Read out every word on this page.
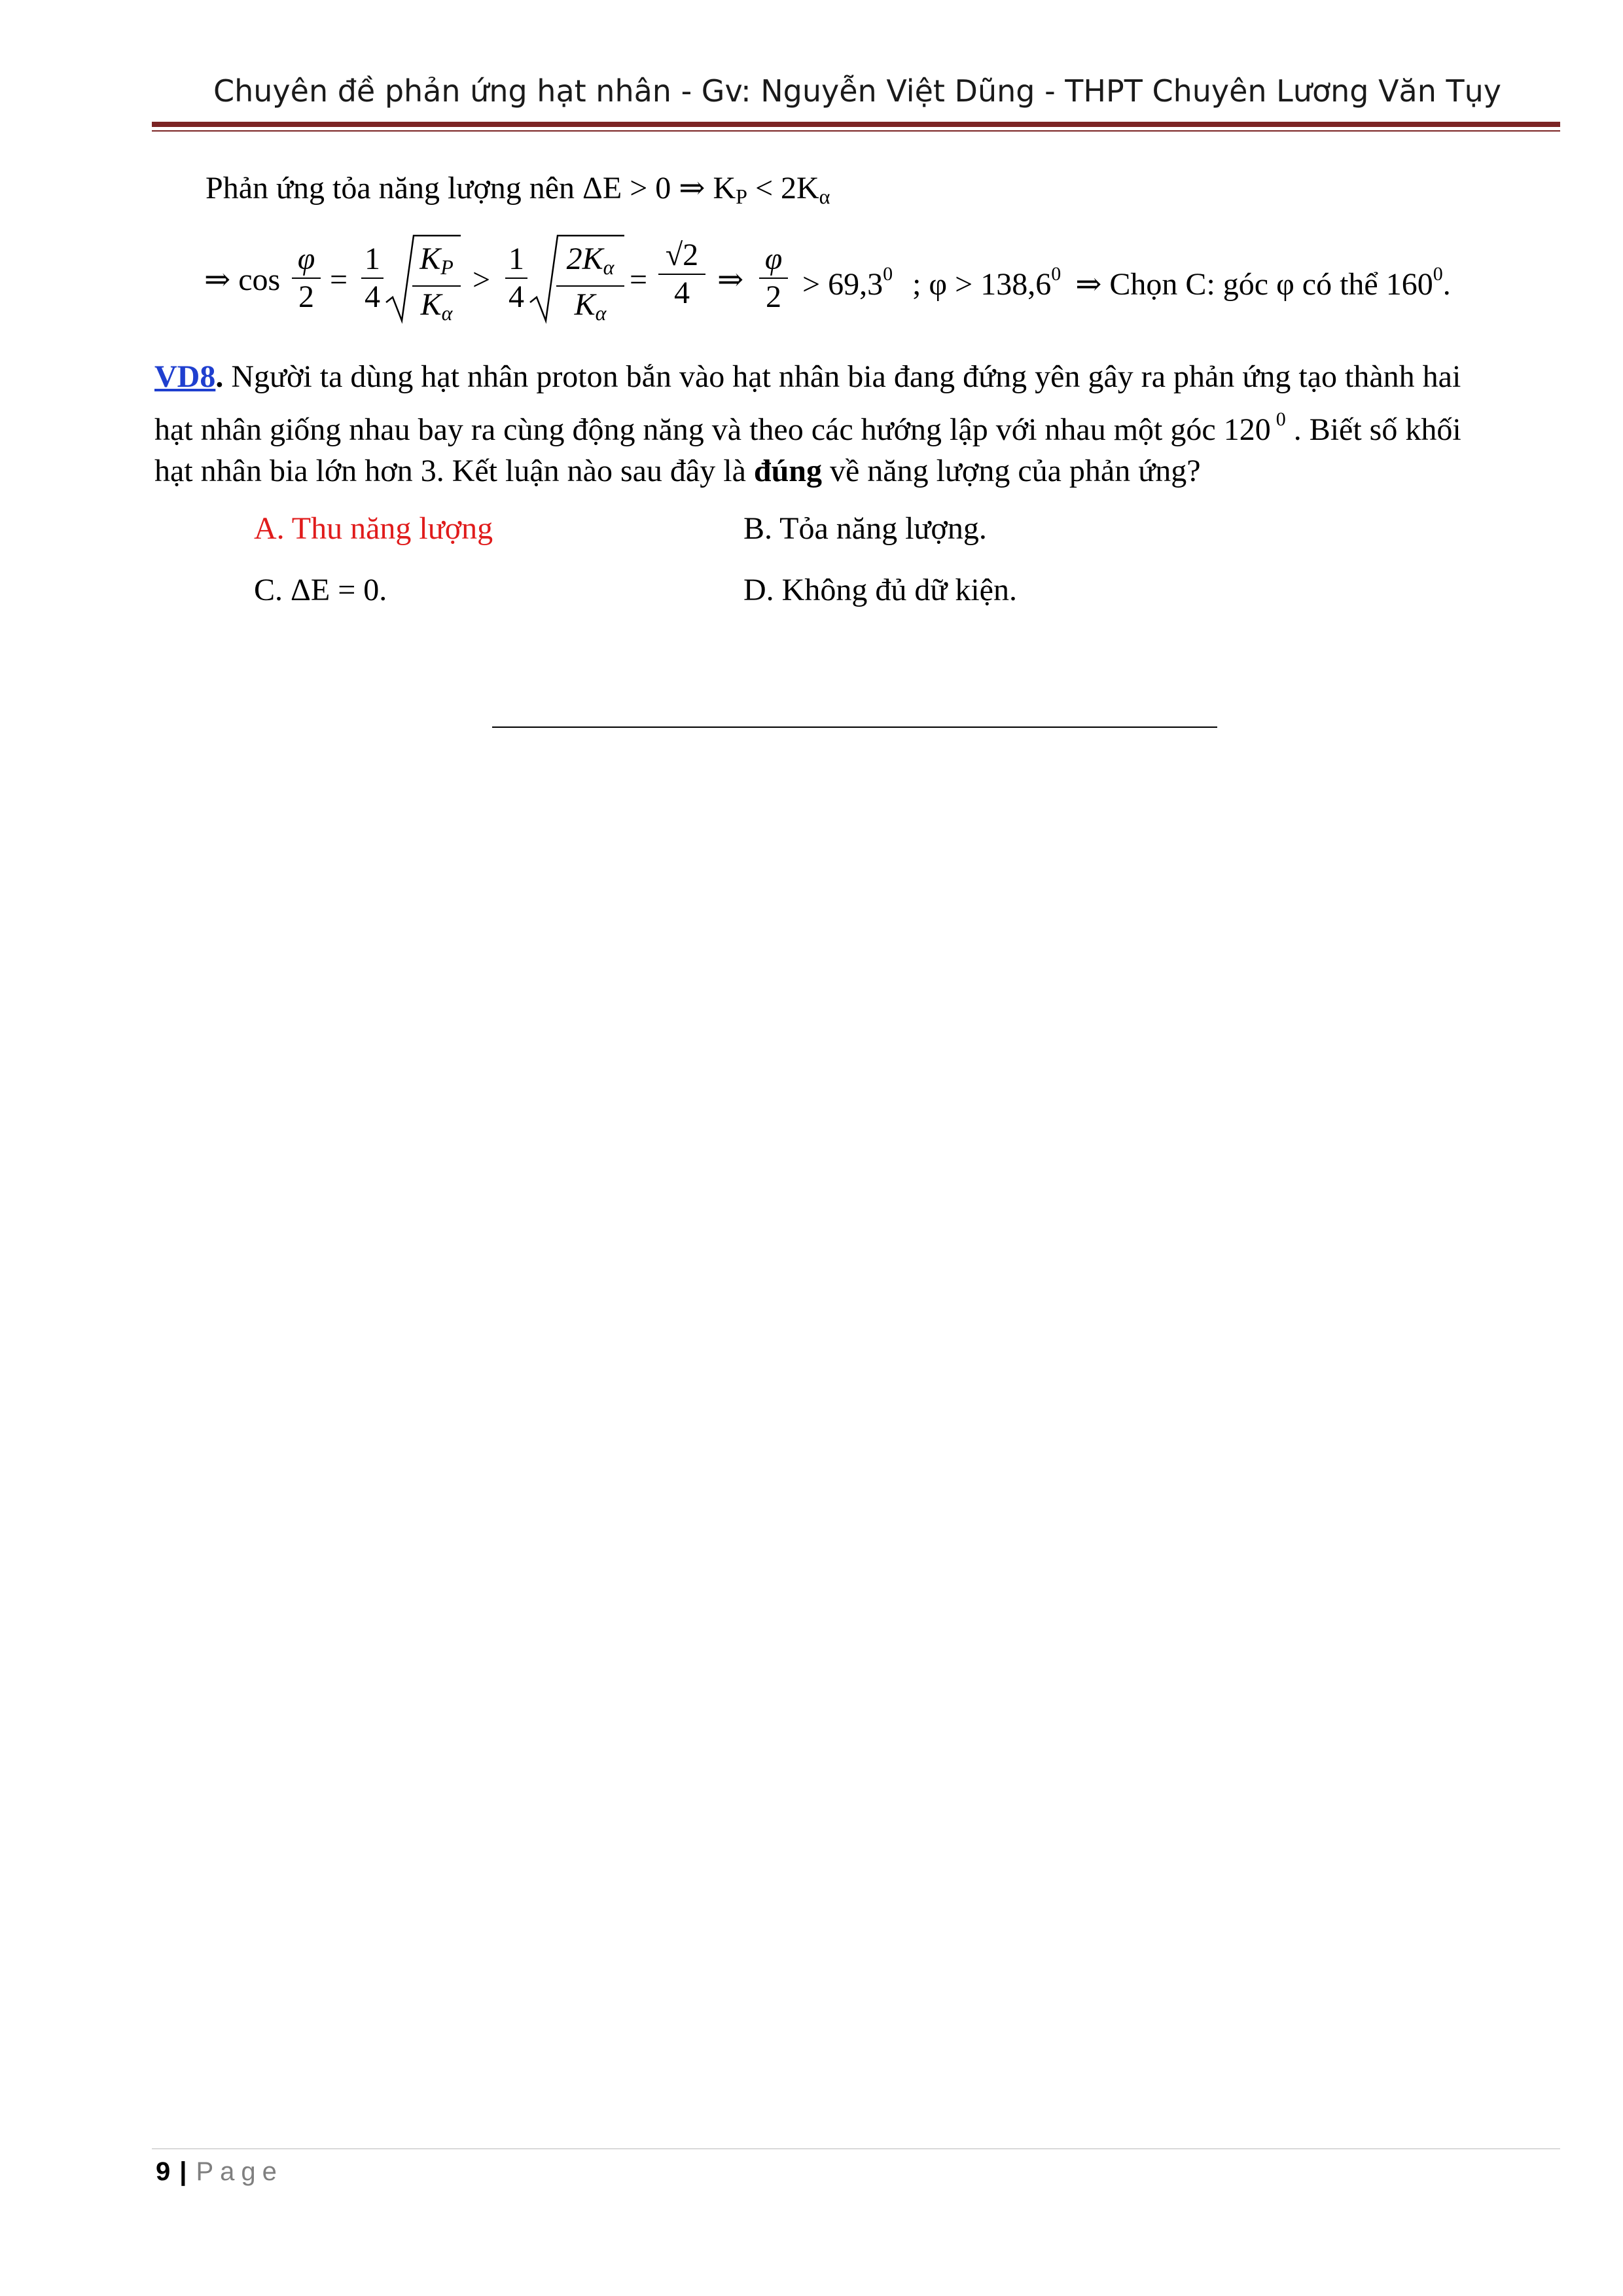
Chuyên đề phản ứng hạt nhân - Gv: Nguyễn Việt Dũng - THPT Chuyên Lương Văn Tụy
Phản ứng tỏa năng lượng nên ΔE > 0 ⇒ $K_P < 2K_\alpha$
⇒ cos
φ
2 =
1
4
$K_P$
$K_\alpha$
>
1
4
$2K_\alpha$
$K_\alpha$
=
√2
4 ⇒
φ
$2 > 69,3^0$ ; $\varphi > 138,6^0$ ⇒ Chọn C: góc φ có thể $160^0$.
VD8. Người ta dùng hạt nhân proton bắn vào hạt nhân bia đang đứng yên gây ra phản ứng tạo thành hai
hạt nhân giống nhau bay ra cùng động năng và theo các hướng lập với nhau một góc 120 $^0$ . Biết số khối
hạt nhân bia lớn hơn 3. Kết luận nào sau đây là đúng về năng lượng của phản ứng?
A. Thu năng lượng	B. Tỏa năng lượng.
C. ΔE = 0.	D. Không đủ dữ kiện.
9 | Page
